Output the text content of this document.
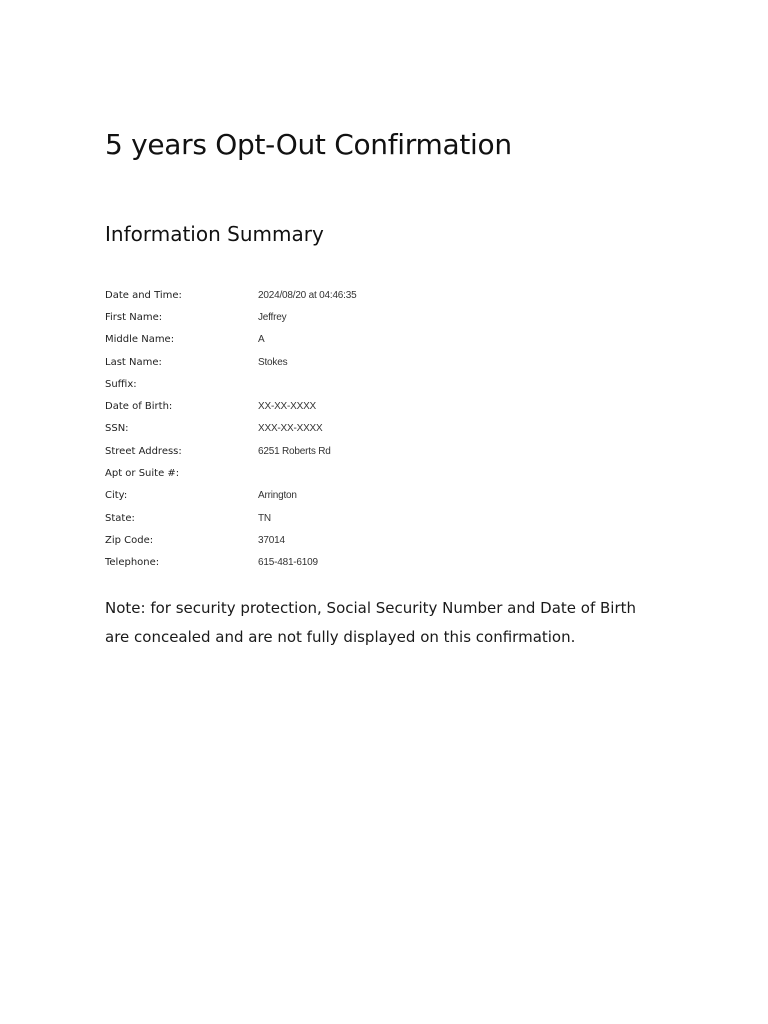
5 years Opt-Out Confirmation
Information Summary
Date and Time:	2024/08/20 at 04:46:35
First Name:	Jeffrey
Middle Name:	A
Last Name:	Stokes
Suffix:
Date of Birth:	XX-XX-XXXX
SSN:	XXX-XX-XXXX
Street Address:	6251 Roberts Rd
Apt or Suite #:
City:	Arrington
State:	TN
Zip Code:	37014
Telephone:	615-481-6109

Note: for security protection, Social Security Number and Date of Birth are concealed and are not fully displayed on this confirmation.
